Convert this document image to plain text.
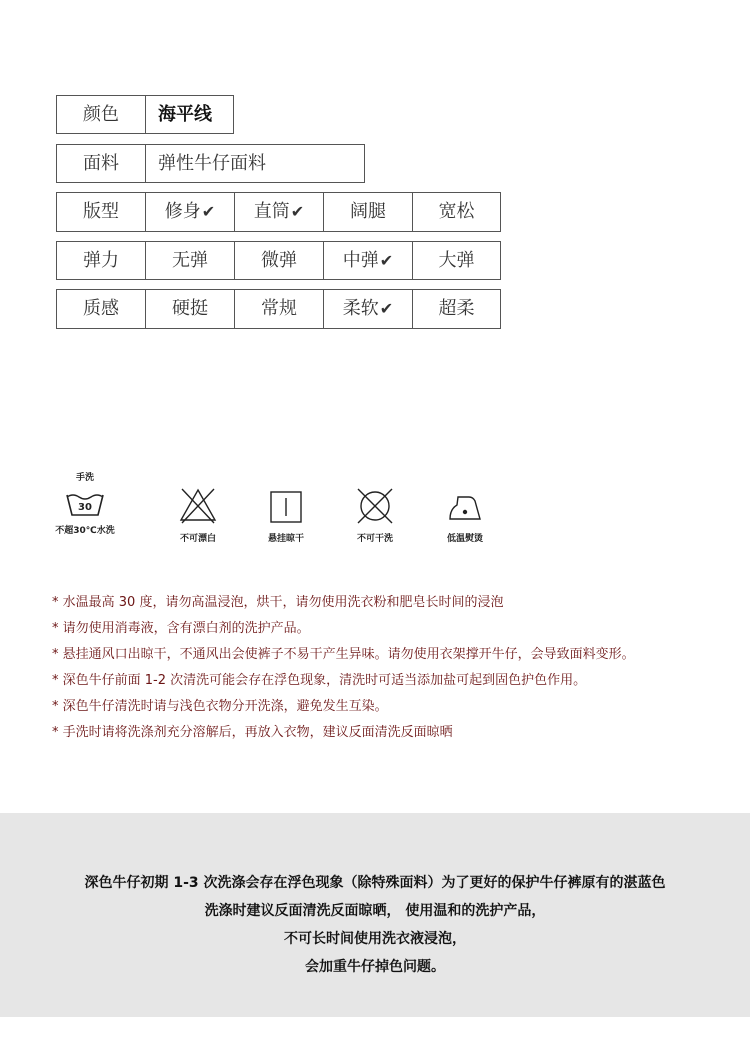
颜色	海平线
面料	弹性牛仔面料
版型	修身✔	直筒✔	阔腿	宽松
弹力	无弹	微弹	中弹✔	大弹
质感	硬挺	常规	柔软✔	超柔
手洗
30
不超30℃水洗
不可漂白	悬挂晾干	不可干洗	低温熨烫
* 水温最高 30 度，请勿高温浸泡，烘干，请勿使用洗衣粉和肥皂长时间的浸泡
* 请勿使用消毒液，含有漂白剂的洗护产品。
* 悬挂通风口出晾干，不通风出会使裤子不易干产生异味。请勿使用衣架撑开牛仔，会导致面料变形。
* 深色牛仔前面 1-2 次清洗可能会存在浮色现象，清洗时可适当添加盐可起到固色护色作用。
* 深色牛仔清洗时请与浅色衣物分开洗涤，避免发生互染。
* 手洗时请将洗涤剂充分溶解后，再放入衣物，建议反面清洗反面晾晒
深色牛仔初期 1-3 次洗涤会存在浮色现象（除特殊面料）为了更好的保护牛仔裤原有的湛蓝色
洗涤时建议反面清洗反面晾晒， 使用温和的洗护产品，
不可长时间使用洗衣液浸泡，
会加重牛仔掉色问题。
